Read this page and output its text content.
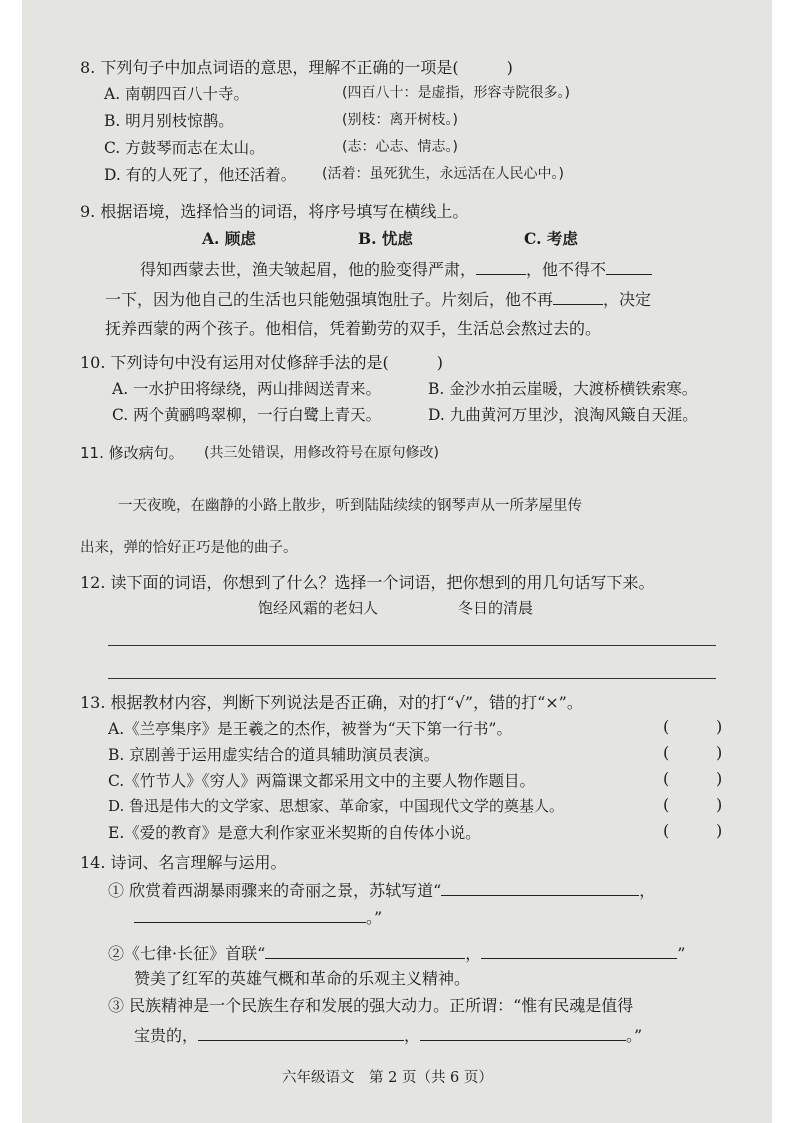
8. 下列句子中加点词语的意思，理解不正确的一项是(　　　)
A. 南朝四百八十寺。	(四百八十：是虚指，形容寺院很多。)
B. 明月别枝惊鹊。	(别枝：离开树枝。)
C. 方鼓琴而志在太山。	(志：心志、情志。)
D. 有的人死了，他还活着。 (活着：虽死犹生，永远活在人民心中。)
9. 根据语境，选择恰当的词语，将序号填写在横线上。
A. 顾虑	B. 忧虑	C. 考虑
得知西蒙去世，渔夫皱起眉，他的脸变得严肃，	，他不得不
一下，因为他自己的生活也只能勉强填饱肚子。片刻后，他不再	，决定
抚养西蒙的两个孩子。他相信，凭着勤劳的双手，生活总会熬过去的。
10. 下列诗句中没有运用对仗修辞手法的是(　　　)
A. 一水护田将绿绕，两山排闼送青来。	B. 金沙水拍云崖暖，大渡桥横铁索寒。
C. 两个黄鹂鸣翠柳，一行白鹭上青天。	D. 九曲黄河万里沙，浪淘风簸自天涯。
11. 修改病句。 (共三处错误，用修改符号在原句修改)
一天夜晚，在幽静的小路上散步，听到陆陆续续的钢琴声从一所茅屋里传
出来，弹的恰好正巧是他的曲子。
12. 读下面的词语，你想到了什么？选择一个词语，把你想到的用几句话写下来。
饱经风霜的老妇人	冬日的清晨
13. 根据教材内容，判断下列说法是否正确，对的打“√”，错的打“×”。
A.《兰亭集序》是王羲之的杰作，被誉为“天下第一行书”。	(	)
B. 京剧善于运用虚实结合的道具辅助演员表演。	(	)
C.《竹节人》《穷人》两篇课文都采用文中的主要人物作题目。	(	)
D. 鲁迅是伟大的文学家、思想家、革命家，中国现代文学的奠基人。	(	)
E.《爱的教育》是意大利作家亚米契斯的自传体小说。	(	)
14. 诗词、名言理解与运用。
① 欣赏着西湖暴雨骤来的奇丽之景，苏轼写道“	，
。”
②《七律·长征》首联“	，	”
赞美了红军的英雄气概和革命的乐观主义精神。
③ 民族精神是一个民族生存和发展的强大动力。正所谓：“惟有民魂是值得
宝贵的，	，	。”
六年级语文　第 2 页（共 6 页）
